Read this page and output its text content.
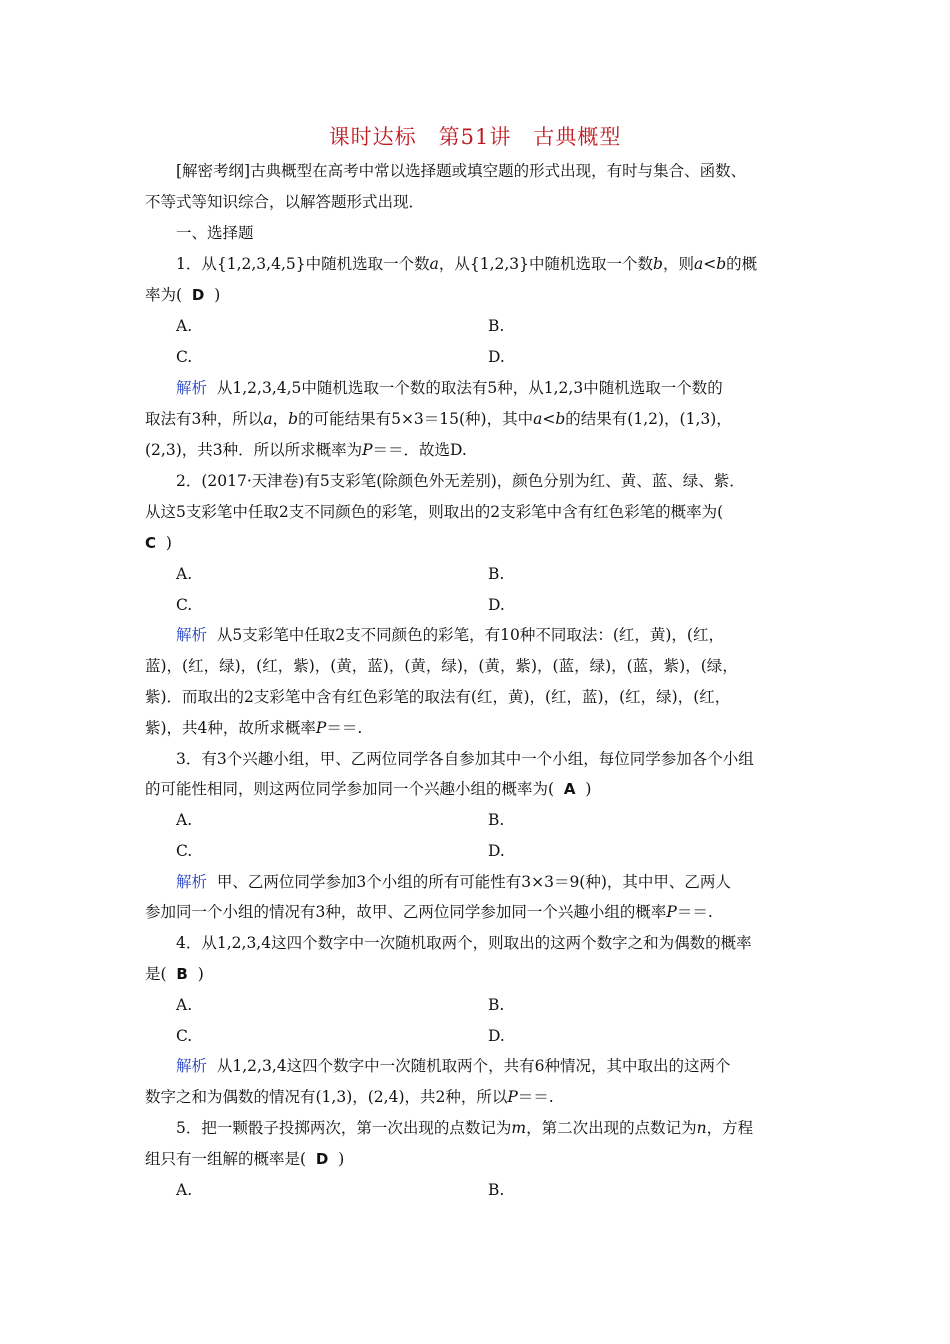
课时达标 第51讲 古典概型
[解密考纲]古典概型在高考中常以选择题或填空题的形式出现，有时与集合、函数、
不等式等知识综合，以解答题形式出现．
一、选择题
1．从{1,2,3,4,5}中随机选取一个数a，从{1,2,3}中随机选取一个数b，则a<b的概
率为( D )
A.	B.
C.	D.
解析 从1,2,3,4,5中随机选取一个数的取法有5种，从1,2,3中随机选取一个数的
取法有3种，所以a，b的可能结果有5×3＝15(种)，其中a<b的结果有(1,2)，(1,3)，
(2,3)，共3种．所以所求概率为P＝＝．故选D.
2．(2017·天津卷)有5支彩笔(除颜色外无差别)，颜色分别为红、黄、蓝、绿、紫．
从这5支彩笔中任取2支不同颜色的彩笔，则取出的2支彩笔中含有红色彩笔的概率为(
C )
A.	B.
C.	D.
解析 从5支彩笔中任取2支不同颜色的彩笔，有10种不同取法：(红，黄)，(红，
蓝)，(红，绿)，(红，紫)，(黄，蓝)，(黄，绿)，(黄，紫)，(蓝，绿)，(蓝，紫)，(绿，
紫)．而取出的2支彩笔中含有红色彩笔的取法有(红，黄)，(红，蓝)，(红，绿)，(红，
紫)，共4种，故所求概率P＝＝.
3．有3个兴趣小组，甲、乙两位同学各自参加其中一个小组，每位同学参加各个小组
的可能性相同，则这两位同学参加同一个兴趣小组的概率为( A )
A.	B.
C.	D.
解析 甲、乙两位同学参加3个小组的所有可能性有3×3＝9(种)，其中甲、乙两人
参加同一个小组的情况有3种，故甲、乙两位同学参加同一个兴趣小组的概率P＝＝.
4．从1,2,3,4这四个数字中一次随机取两个，则取出的这两个数字之和为偶数的概率
是( B )
A.	B.
C.	D.
解析 从1,2,3,4这四个数字中一次随机取两个，共有6种情况，其中取出的这两个
数字之和为偶数的情况有(1,3)，(2,4)，共2种，所以P＝＝.
5．把一颗骰子投掷两次，第一次出现的点数记为m，第二次出现的点数记为n，方程
组只有一组解的概率是( D )
A.	B.
